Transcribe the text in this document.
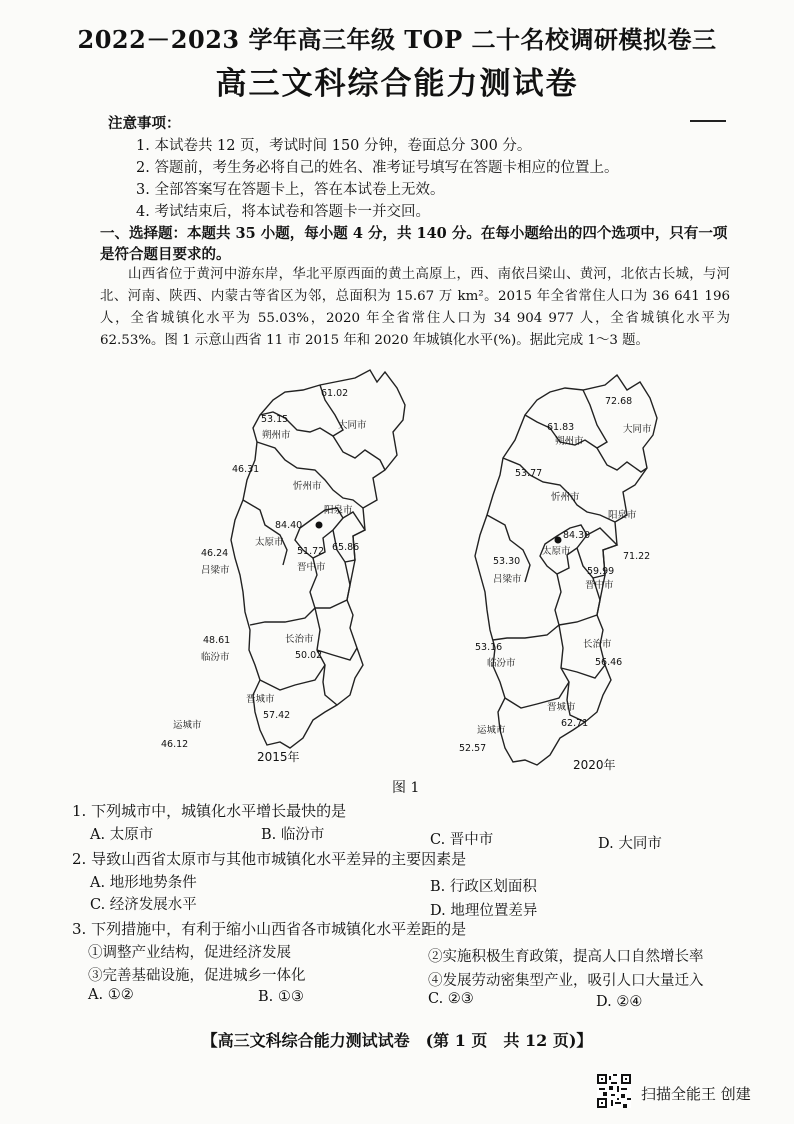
2022－2023 学年高三年级 TOP 二十名校调研模拟卷三
高三文科综合能力测试卷
注意事项：
1. 本试卷共 12 页，考试时间 150 分钟，卷面总分 300 分。
2. 答题前，考生务必将自己的姓名、准考证号填写在答题卡相应的位置上。
3. 全部答案写在答题卡上，答在本试卷上无效。
4. 考试结束后，将本试卷和答题卡一并交回。
一、选择题：本题共 35 小题，每小题 4 分，共 140 分。在每小题给出的四个选项中，只有一项是符合题目要求的。
山西省位于黄河中游东岸，华北平原西面的黄土高原上，西、南依吕梁山、黄河，北依古长城，与河北、河南、陕西、内蒙古等省区为邻，总面积为 15.67 万 km²。2015 年全省常住人口为 36 641 196人，全省城镇化水平为 55.03%，2020 年全省常住人口为 34 904 977 人，全省城镇化水平为 62.53%。图 1 示意山西省 11 市 2015 年和 2020 年城镇化水平(%)。据此完成 1～3 题。
61.02
53.15
朔州市
大同市
46.31
忻州市
84.40
太原市
阳泉市
65.86
46.24
吕梁市
51.72
晋中市
48.61
临汾市
长治市
50.02
晋城市
57.42
运城市
46.12
2015年
72.68
61.83
朔州市
大同市
53.77
忻州市
84.30
太原市
阳泉市
71.22
53.30
吕梁市
59.99
晋中市
53.16
临汾市
长治市
56.46
晋城市
62.71
运城市
52.57
2020年
图 1
1. 下列城市中，城镇化水平增长最快的是
A. 太原市	B. 临汾市	C. 晋中市	D. 大同市
2. 导致山西省太原市与其他市城镇化水平差异的主要因素是
A. 地形地势条件	B. 行政区划面积
C. 经济发展水平	D. 地理位置差异
3. 下列措施中，有利于缩小山西省各市城镇化水平差距的是
①调整产业结构，促进经济发展	②实施积极生育政策，提高人口自然增长率
③完善基础设施，促进城乡一体化	④发展劳动密集型产业，吸引人口大量迁入
A. ①②	B. ①③	C. ②③	D. ②④
【高三文科综合能力测试试卷　(第 1 页　共 12 页)】
扫描全能王 创建
